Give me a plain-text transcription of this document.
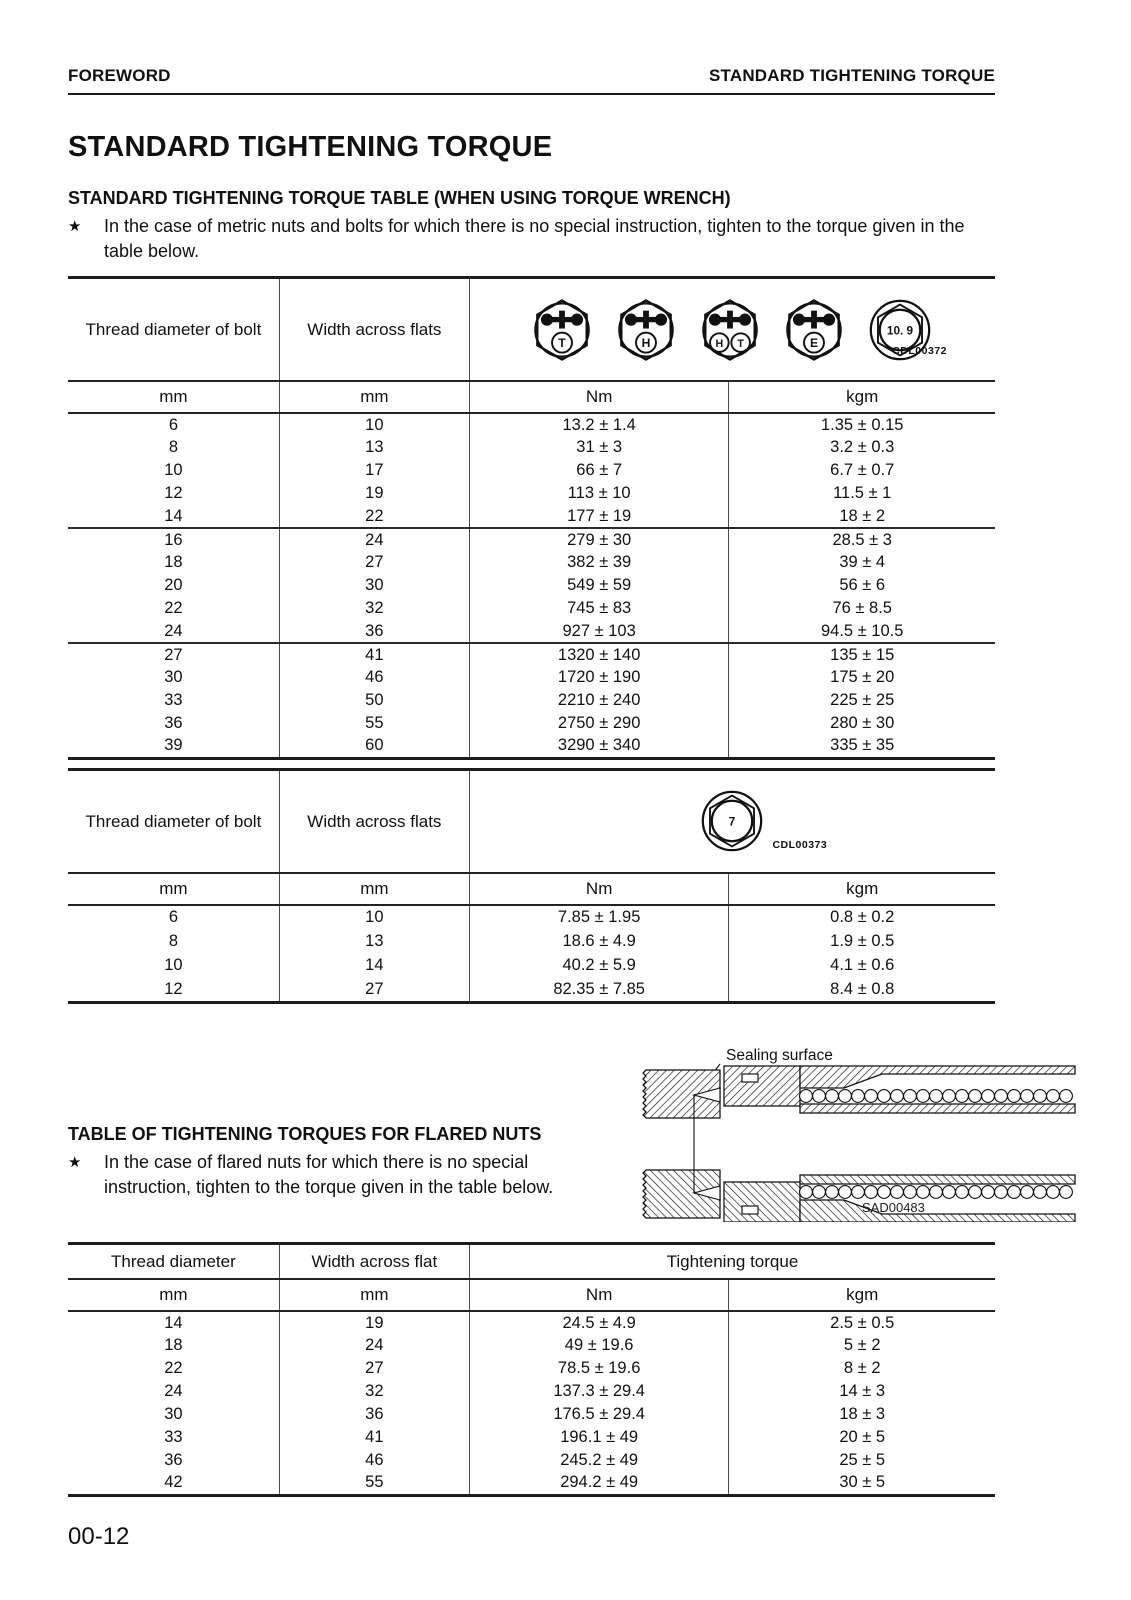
FOREWORD	STANDARD TIGHTENING TORQUE
STANDARD TIGHTENING TORQUE
STANDARD TIGHTENING TORQUE TABLE (WHEN USING TORQUE WRENCH)
★	In the case of metric nuts and bolts for which there is no special instruction, tighten to the torque given in the table below.
Thread diameter of bolt	Width across flats	
T	H	H T	E
10. 9
CDL00372

mm	mm	Nm	kgm
6	10	13.2 ± 1.4	1.35 ± 0.15
8	13	31 ± 3	3.2 ± 0.3
10	17	66 ± 7	6.7 ± 0.7
12	19	113 ± 10	11.5 ± 1
14	22	177 ± 19	18 ± 2
16	24	279 ± 30	28.5 ± 3
18	27	382 ± 39	39 ± 4
20	30	549 ± 59	56 ± 6
22	32	745 ± 83	76 ± 8.5
24	36	927 ± 103	94.5 ± 10.5
27	41	1320 ± 140	135 ± 15
30	46	1720 ± 190	175 ± 20
33	50	2210 ± 240	225 ± 25
36	55	2750 ± 290	280 ± 30
39	60	3290 ± 340	335 ± 35
Thread diameter of bolt	Width across flats	7
CDL00373	

mm	mm	Nm	kgm
6	10	7.85 ± 1.95	0.8 ± 0.2
8	13	18.6 ± 4.9	1.9 ± 0.5
10	14	40.2 ± 5.9	4.1 ± 0.6
12	27	82.35 ± 7.85	8.4 ± 0.8
TABLE OF TIGHTENING TORQUES FOR FLARED NUTS
★	In the case of flared nuts for which there is no special instruction, tighten to the torque given in the table below.
Sealing surface
SAD00483
Thread diameter	Width across flat	Tightening torque	
mm	mm	Nm	kgm
14	19	24.5 ± 4.9	2.5 ± 0.5
18	24	49 ± 19.6	5 ± 2
22	27	78.5 ± 19.6	8 ± 2
24	32	137.3 ± 29.4	14 ± 3
30	36	176.5 ± 29.4	18 ± 3
33	41	196.1 ± 49	20 ± 5
36	46	245.2 ± 49	25 ± 5
42	55	294.2 ± 49	30 ± 5
00-12
